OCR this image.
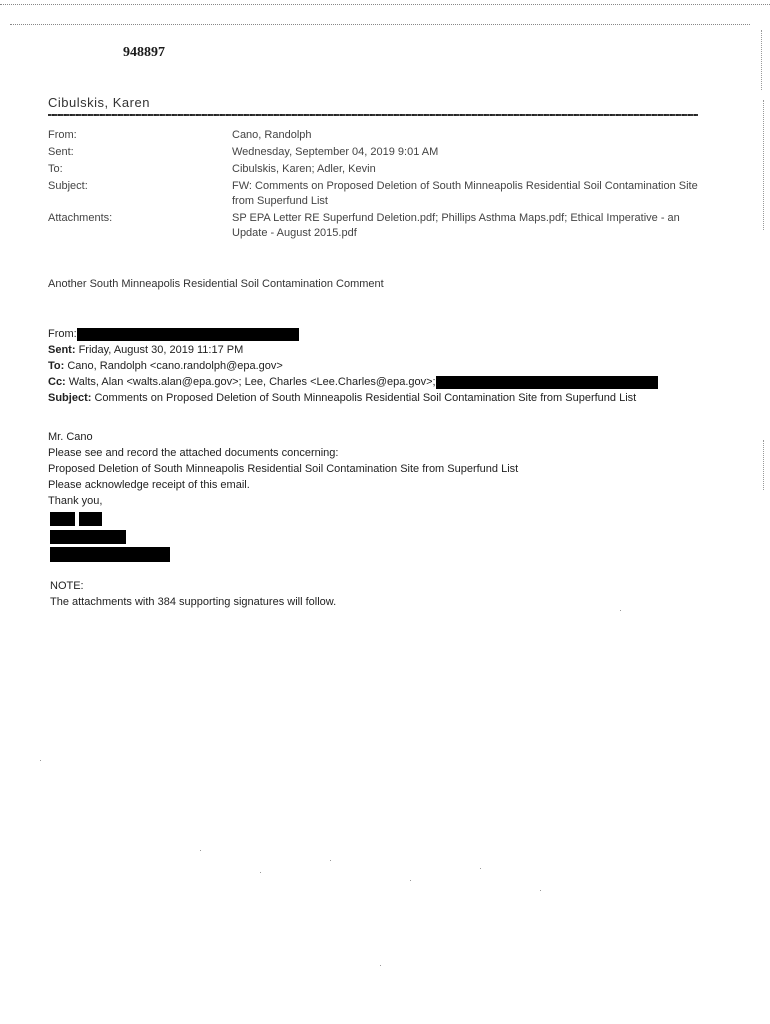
948897
Cibulskis, Karen
From:	Cano, Randolph
Sent:	Wednesday, September 04, 2019 9:01 AM
To:	Cibulskis, Karen; Adler, Kevin
Subject:	FW: Comments on Proposed Deletion of South Minneapolis Residential Soil Contamination Site from Superfund List
Attachments:	SP EPA Letter RE Superfund Deletion.pdf; Phillips Asthma Maps.pdf; Ethical Imperative - an Update - August 2015.pdf
Another South Minneapolis Residential Soil Contamination Comment
From:
Sent: Friday, August 30, 2019 11:17 PM
To: Cano, Randolph <cano.randolph@epa.gov>
Cc: Walts, Alan <walts.alan@epa.gov>; Lee, Charles <Lee.Charles@epa.gov>;
Subject: Comments on Proposed Deletion of South Minneapolis Residential Soil Contamination Site from Superfund List
Mr. Cano
Please see and record the attached documents concerning:
Proposed Deletion of South Minneapolis Residential Soil Contamination Site from Superfund List
Please acknowledge receipt of this email.
Thank you,

NOTE:
The attachments with 384 supporting signatures will follow.
